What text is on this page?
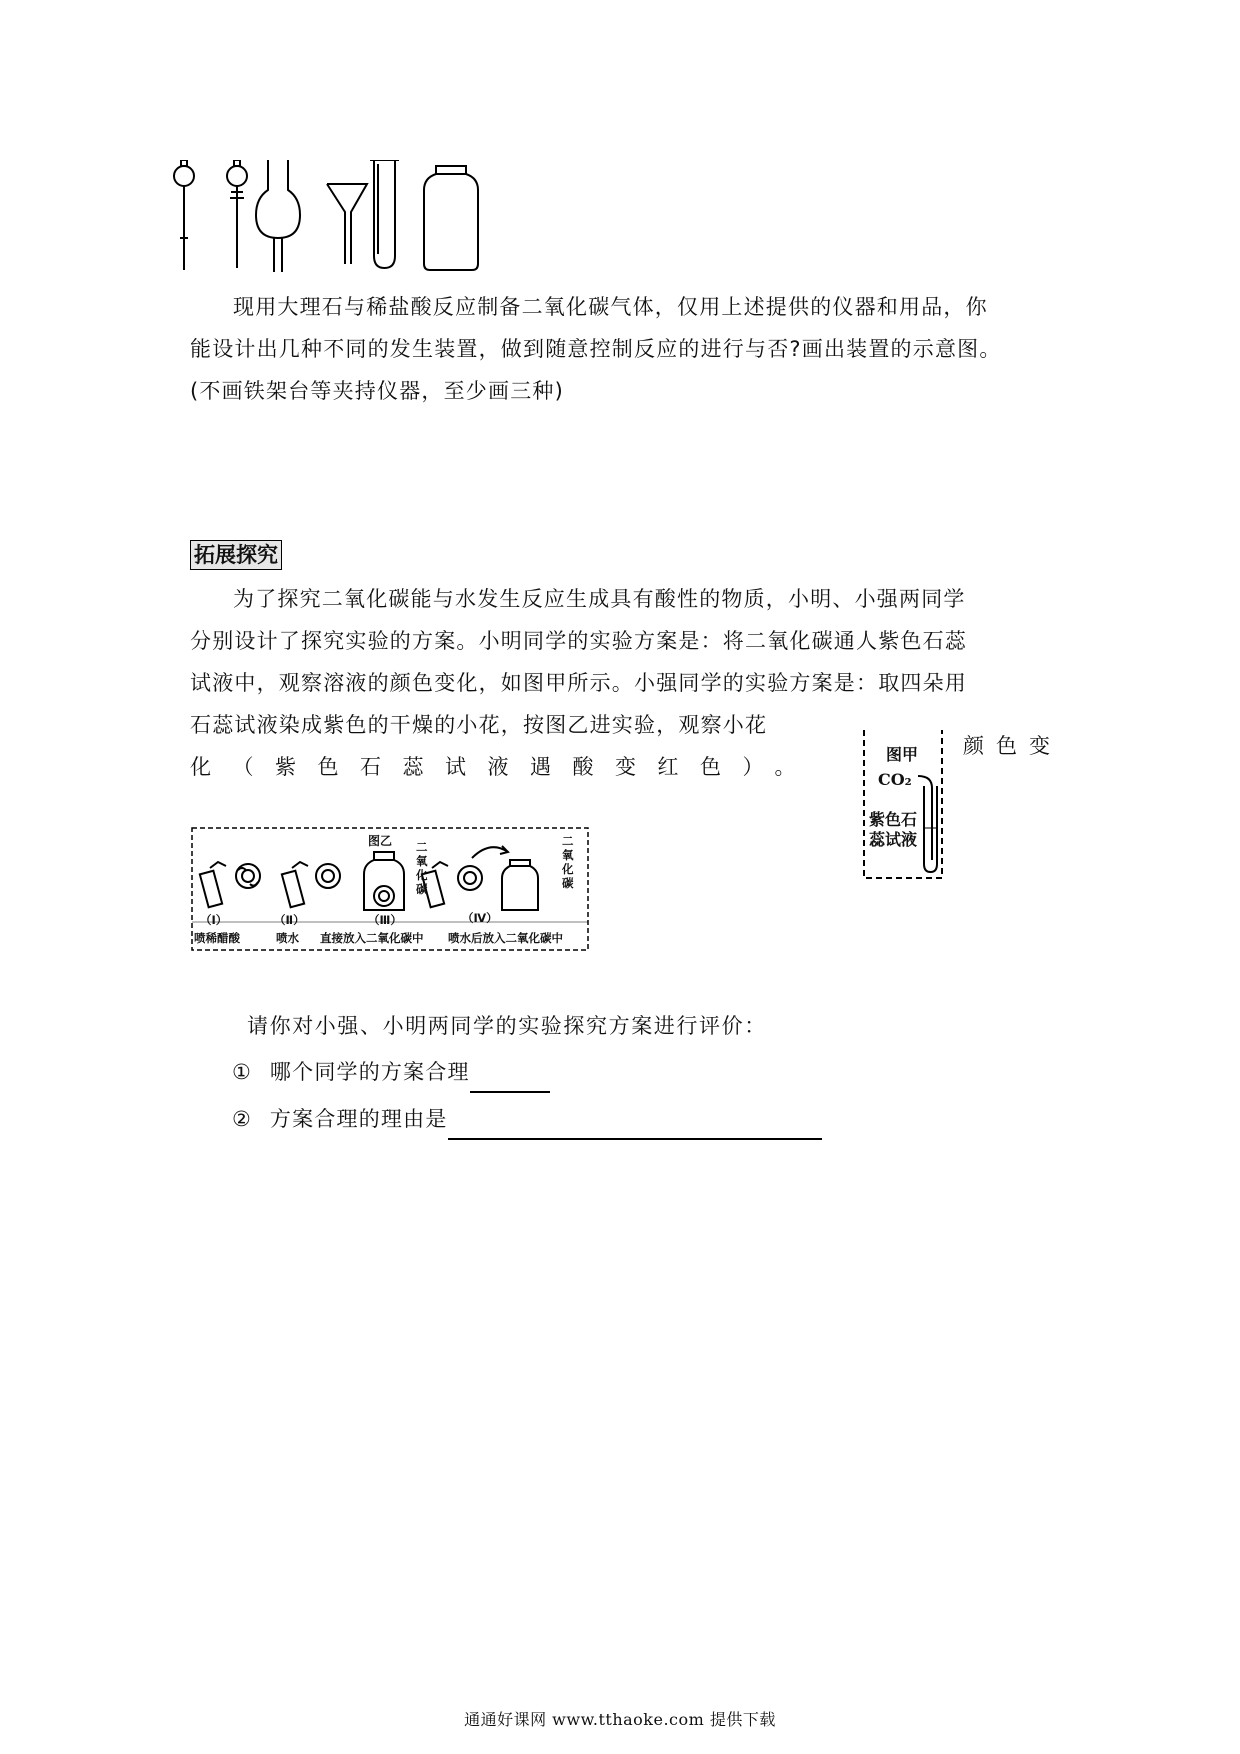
现用大理石与稀盐酸反应制备二氧化碳气体，仅用上述提供的仪器和用品，你

能设计出几种不同的发生装置，做到随意控制反应的进行与否?画出装置的示意图。

(不画铁架台等夹持仪器，至少画三种)

拓展探究

为了探究二氧化碳能与水发生反应生成具有酸性的物质，小明、小强两同学

分别设计了探究实验的方案。小明同学的实验方案是：将二氧化碳通人紫色石蕊

试液中，观察溶液的颜色变化，如图甲所示。小强同学的实验方案是：取四朵用

石蕊试液染成紫色的干燥的小花，按图乙进实验，观察小花

化（紫色石蕊试液遇酸变红色）。

颜色变
图甲
CO₂
紫色石
蕊试液
图乙 二氧化碳
二氧化碳
（Ⅰ）	（Ⅱ）	（Ⅲ）	（Ⅳ）
喷稀醋酸	喷水 直接放入二氧化碳中 喷水后放入二氧化碳中
请你对小强、小明两同学的实验探究方案进行评价：
① 哪个同学的方案合理
② 方案合理的理由是
通通好课网 www.tthaoke.com 提供下载
